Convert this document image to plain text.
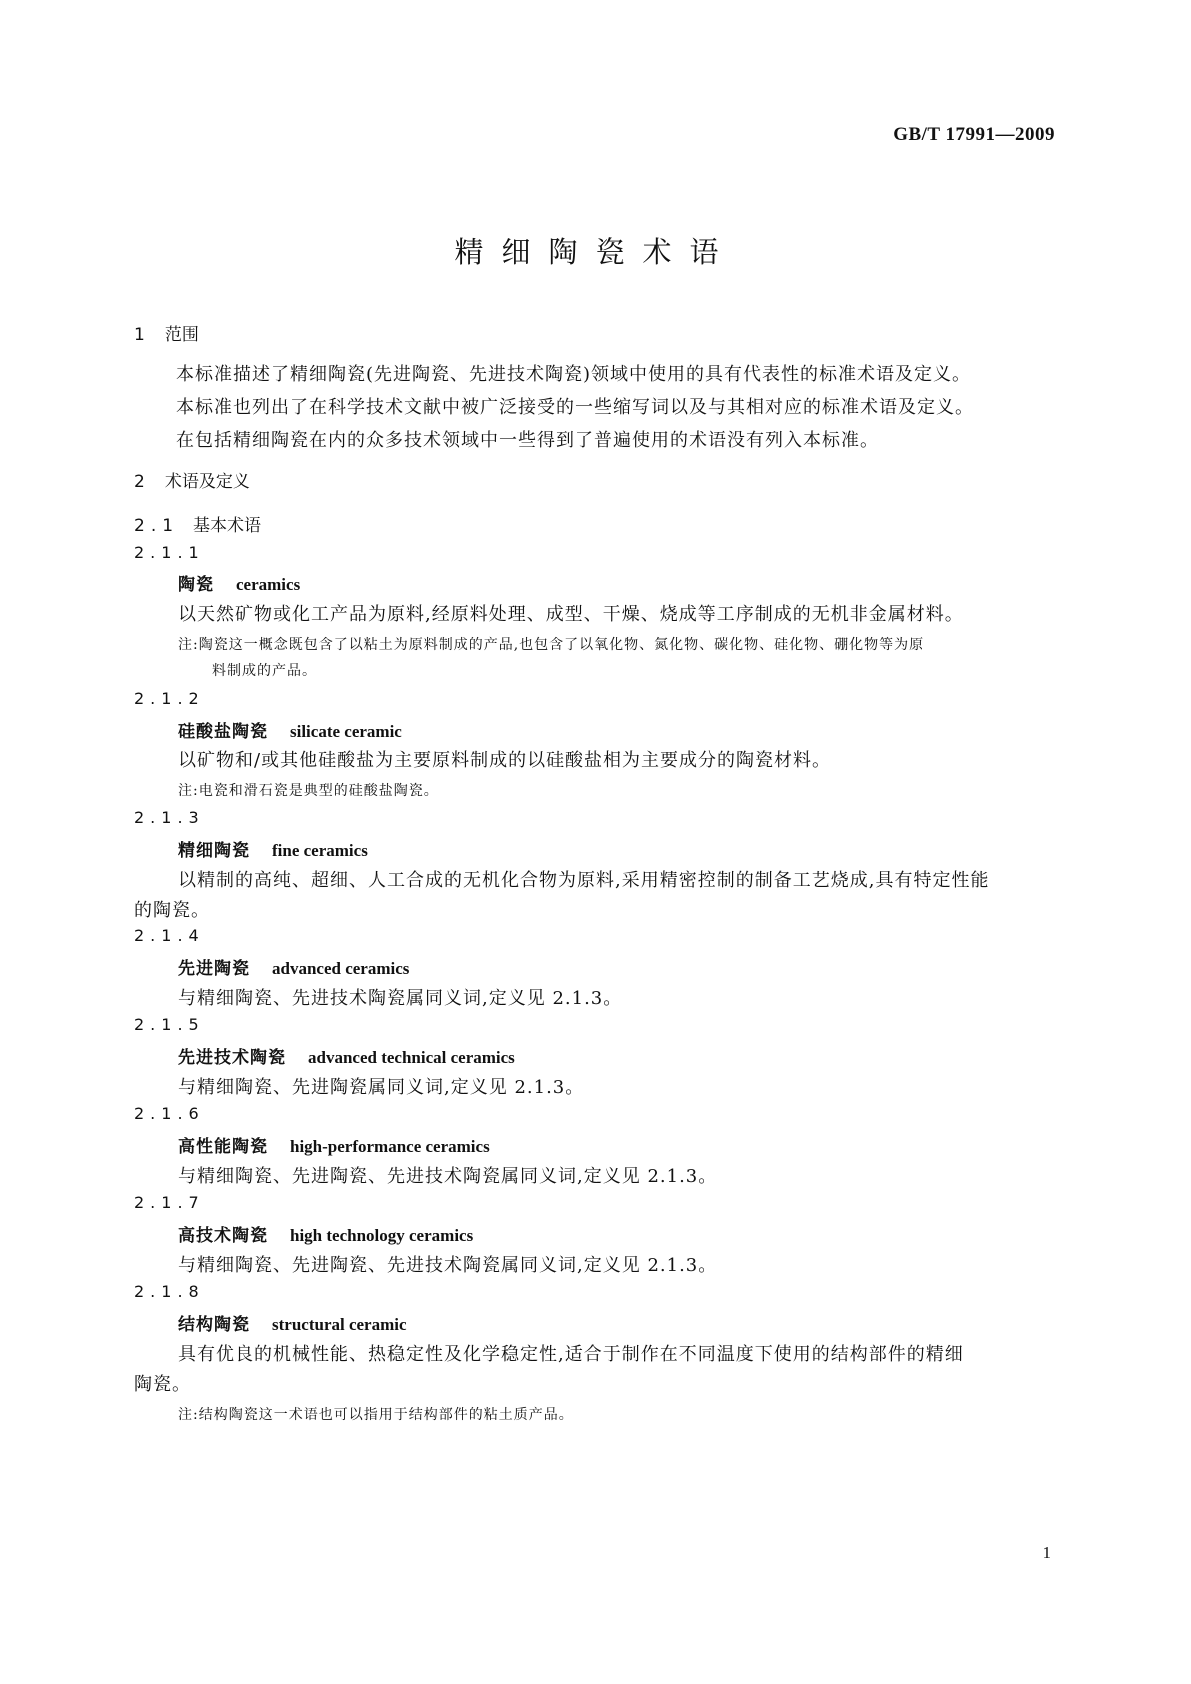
GB/T 17991—2009
精细陶瓷术语
1 范围
本标准描述了精细陶瓷(先进陶瓷、先进技术陶瓷)领域中使用的具有代表性的标准术语及定义。
本标准也列出了在科学技术文献中被广泛接受的一些缩写词以及与其相对应的标准术语及定义。
在包括精细陶瓷在内的众多技术领域中一些得到了普遍使用的术语没有列入本标准。
2 术语及定义
2.1 基本术语
2.1.1
陶瓷 ceramics
以天然矿物或化工产品为原料,经原料处理、成型、干燥、烧成等工序制成的无机非金属材料。
注:陶瓷这一概念既包含了以粘土为原料制成的产品,也包含了以氧化物、氮化物、碳化物、硅化物、硼化物等为原
料制成的产品。
2.1.2
硅酸盐陶瓷 silicate ceramic
以矿物和/或其他硅酸盐为主要原料制成的以硅酸盐相为主要成分的陶瓷材料。
注:电瓷和滑石瓷是典型的硅酸盐陶瓷。
2.1.3
精细陶瓷 fine ceramics
以精制的高纯、超细、人工合成的无机化合物为原料,采用精密控制的制备工艺烧成,具有特定性能
的陶瓷。
2.1.4
先进陶瓷 advanced ceramics
与精细陶瓷、先进技术陶瓷属同义词,定义见 2.1.3。
2.1.5
先进技术陶瓷 advanced technical ceramics
与精细陶瓷、先进陶瓷属同义词,定义见 2.1.3。
2.1.6
高性能陶瓷 high-performance ceramics
与精细陶瓷、先进陶瓷、先进技术陶瓷属同义词,定义见 2.1.3。
2.1.7
高技术陶瓷 high technology ceramics
与精细陶瓷、先进陶瓷、先进技术陶瓷属同义词,定义见 2.1.3。
2.1.8
结构陶瓷 structural ceramic
具有优良的机械性能、热稳定性及化学稳定性,适合于制作在不同温度下使用的结构部件的精细
陶瓷。
注:结构陶瓷这一术语也可以指用于结构部件的粘土质产品。
1
